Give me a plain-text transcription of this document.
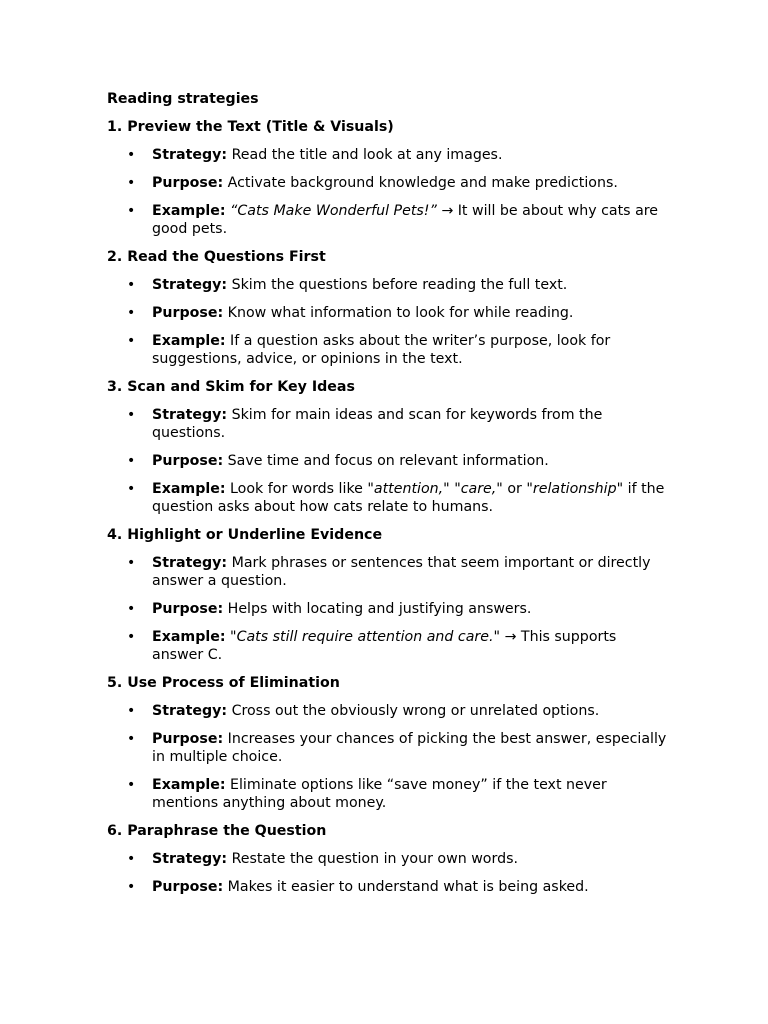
Reading strategies

1. Preview the Text (Title & Visuals)

• Strategy: Read the title and look at any images.
• Purpose: Activate background knowledge and make predictions.
• Example: “Cats Make Wonderful Pets!” → It will be about why cats are good pets.

2. Read the Questions First

• Strategy: Skim the questions before reading the full text.
• Purpose: Know what information to look for while reading.
• Example: If a question asks about the writer’s purpose, look for suggestions, advice, or opinions in the text.

3. Scan and Skim for Key Ideas

• Strategy: Skim for main ideas and scan for keywords from the questions.
• Purpose: Save time and focus on relevant information.
• Example: Look for words like "attention," "care," or "relationship" if the question asks about how cats relate to humans.

4. Highlight or Underline Evidence

• Strategy: Mark phrases or sentences that seem important or directly answer a question.
• Purpose: Helps with locating and justifying answers.
• Example: "Cats still require attention and care." → This supports answer C.

5. Use Process of Elimination

• Strategy: Cross out the obviously wrong or unrelated options.
• Purpose: Increases your chances of picking the best answer, especially in multiple choice.
• Example: Eliminate options like “save money” if the text never mentions anything about money.

6. Paraphrase the Question

• Strategy: Restate the question in your own words.
• Purpose: Makes it easier to understand what is being asked.
